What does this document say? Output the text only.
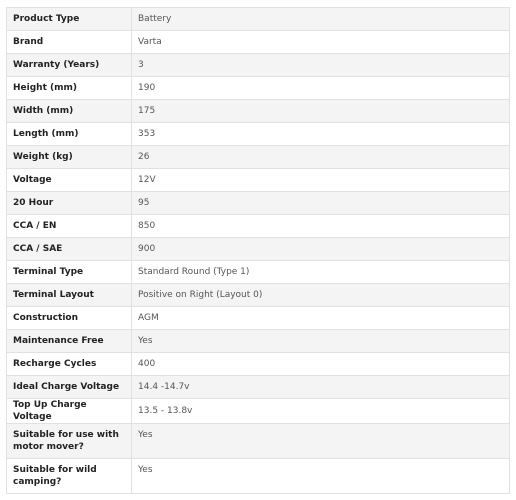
Product Type	Battery
Brand	Varta
Warranty (Years)	3
Height (mm)	190
Width (mm)	175
Length (mm)	353
Weight (kg)	26
Voltage	12V
20 Hour	95
CCA / EN	850
CCA / SAE	900
Terminal Type	Standard Round (Type 1)
Terminal Layout	Positive on Right (Layout 0)
Construction	AGM
Maintenance Free	Yes
Recharge Cycles	400
Ideal Charge Voltage	14.4 -14.7v
Top Up Charge Voltage	13.5 - 13.8v
Suitable for use with motor mover?	Yes
Suitable for wild camping?	Yes
